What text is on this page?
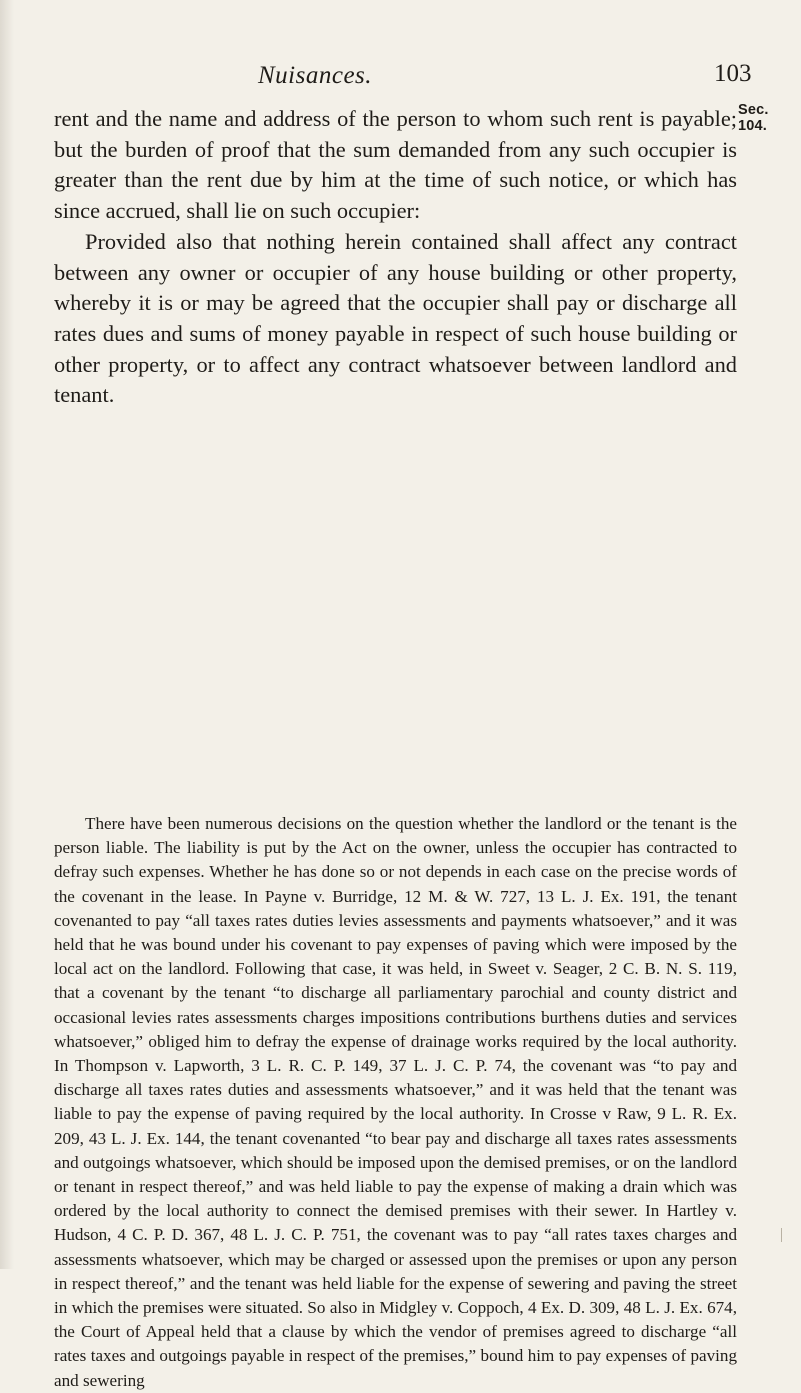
Nuisances.	103
Sec. 104.

rent and the name and address of the person to whom such rent is payable; but the burden of proof that the sum demanded from any such occupier is greater than the rent due by him at the time of such notice, or which has since accrued, shall lie on such occupier:

Provided also that nothing herein contained shall affect any contract between any owner or occupier of any house building or other property, whereby it is or may be agreed that the occupier shall pay or discharge all rates dues and sums of money payable in respect of such house building or other property, or to affect any contract whatsoever between landlord and tenant.

There have been numerous decisions on the question whether the landlord or the tenant is the person liable. The liability is put by the Act on the owner, unless the occupier has contracted to defray such expenses. Whether he has done so or not depends in each case on the precise words of the covenant in the lease. In Payne v. Burridge, 12 M. & W. 727, 13 L. J. Ex. 191, the tenant covenanted to pay “all taxes rates duties levies assessments and payments whatsoever,” and it was held that he was bound under his covenant to pay expenses of paving which were imposed by the local act on the landlord. Following that case, it was held, in Sweet v. Seager, 2 C. B. N. S. 119, that a covenant by the tenant “to discharge all parliamentary parochial and county district and occasional levies rates assessments charges impositions contributions burthens duties and services whatsoever,” obliged him to defray the expense of drainage works required by the local authority. In Thompson v. Lapworth, 3 L. R. C. P. 149, 37 L. J. C. P. 74, the covenant was “to pay and discharge all taxes rates duties and assessments whatsoever,” and it was held that the tenant was liable to pay the expense of paving required by the local authority. In Crosse v Raw, 9 L. R. Ex. 209, 43 L. J. Ex. 144, the tenant covenanted “to bear pay and discharge all taxes rates assessments and outgoings whatsoever, which should be imposed upon the demised premises, or on the landlord or tenant in respect thereof,” and was held liable to pay the expense of making a drain which was ordered by the local authority to connect the demised premises with their sewer. In Hartley v. Hudson, 4 C. P. D. 367, 48 L. J. C. P. 751, the covenant was to pay “all rates taxes charges and assessments whatsoever, which may be charged or assessed upon the premises or upon any person in respect thereof,” and the tenant was held liable for the expense of sewering and paving the street in which the premises were situated. So also in Midgley v. Coppoch, 4 Ex. D. 309, 48 L. J. Ex. 674, the Court of Appeal held that a clause by which the vendor of premises agreed to discharge “all rates taxes and outgoings payable in respect of the premises,” bound him to pay expenses of paving and sewering
